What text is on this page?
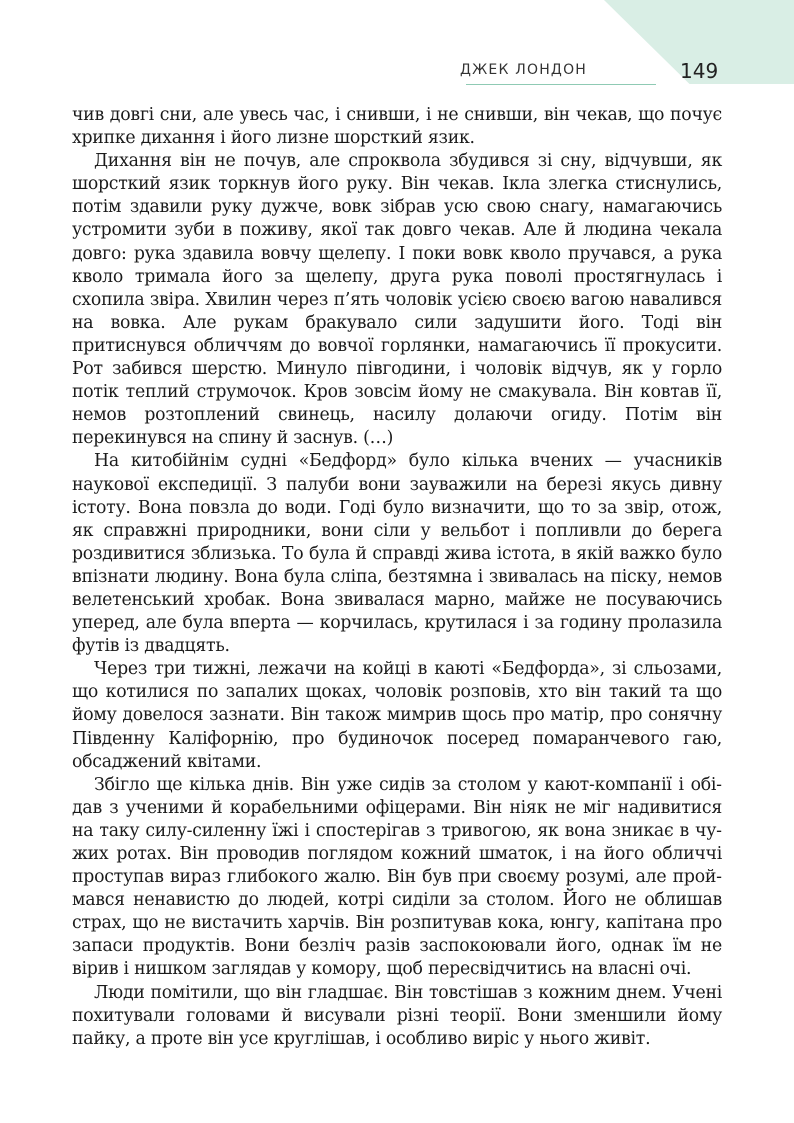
ДЖЕК ЛОНДОН	149

чив довгі сни, але увесь час, і снивши, і не снивши, він чекав, що почує хрипке дихання і його лизне шорсткий язик.

Дихання він не почув, але спроквола збудився зі сну, відчувши, як шорсткий язик торкнув його руку. Він чекав. Ікла злегка стиснулись, потім здавили руку дужче, вовк зібрав усю свою снагу, намагаючись устромити зуби в поживу, якої так довго чекав. Але й людина чекала довго: рука здавила вовчу щелепу. І поки вовк кволо пручався, а рука кволо тримала його за щелепу, друга рука поволі простягнулась і схопила звіра. Хвилин через п’ять чоловік усією своєю вагою навалився на вовка. Але рукам бракувало сили задушити його. Тоді він притиснувся обличчям до вовчої горлянки, намагаючись її прокусити. Рот забився шерстю. Минуло півгодини, і чоловік відчув, як у горло потік теплий струмочок. Кров зовсім йому не смакувала. Він ковтав її, немов розтоплений свинець, насилу долаючи огиду. Потім він перекинувся на спину й заснув. (…)

На китобійнім судні «Бедфорд» було кілька вчених — учасників наукової експедиції. З палуби вони зауважили на березі якусь дивну істоту. Вона повзла до води. Годі було визначити, що то за звір, отож, як справжні природники, вони сіли у вельбот і попливли до берега роздивитися зблизька. То була й справді жива істота, в якій важко було впізнати людину. Вона була сліпа, безтямна і звивалась на піску, немов велетенський хробак. Вона звивалася марно, майже не посуваючись уперед, але була вперта — корчилась, крутилася і за годину пролазила футів із двадцять.

Через три тижні, лежачи на койці в каюті «Бедфорда», зі сльозами, що котилися по запалих щоках, чоловік розповів, хто він такий та що йому довелося зазнати. Він також мимрив щось про матір, про сонячну Південну Каліфорнію, про будиночок посеред помаранчевого гаю, обсаджений квітами.

Збігло ще кілька днів. Він уже сидів за столом у кают-компанії і обідав з ученими й корабельними офіцерами. Він ніяк не міг надивитися на таку силу-силенну їжі і спостерігав з тривогою, як вона зникає в чужих ротах. Він проводив поглядом кожний шматок, і на його обличчі проступав вираз глибокого жалю. Він був при своєму розумі, але проймався ненавистю до людей, котрі сиділи за столом. Його не облишав страх, що не вистачить харчів. Він розпитував кока, юнгу, капітана про запаси продуктів. Вони безліч разів заспокоювали його, однак їм не вірив і нишком заглядав у комору, щоб пересвідчитись на власні очі.

Люди помітили, що він гладшає. Він товстішав з кожним днем. Учені похитували головами й висували різні теорії. Вони зменшили йому пайку, а проте він усе круглішав, і особливо виріс у нього живіт.
